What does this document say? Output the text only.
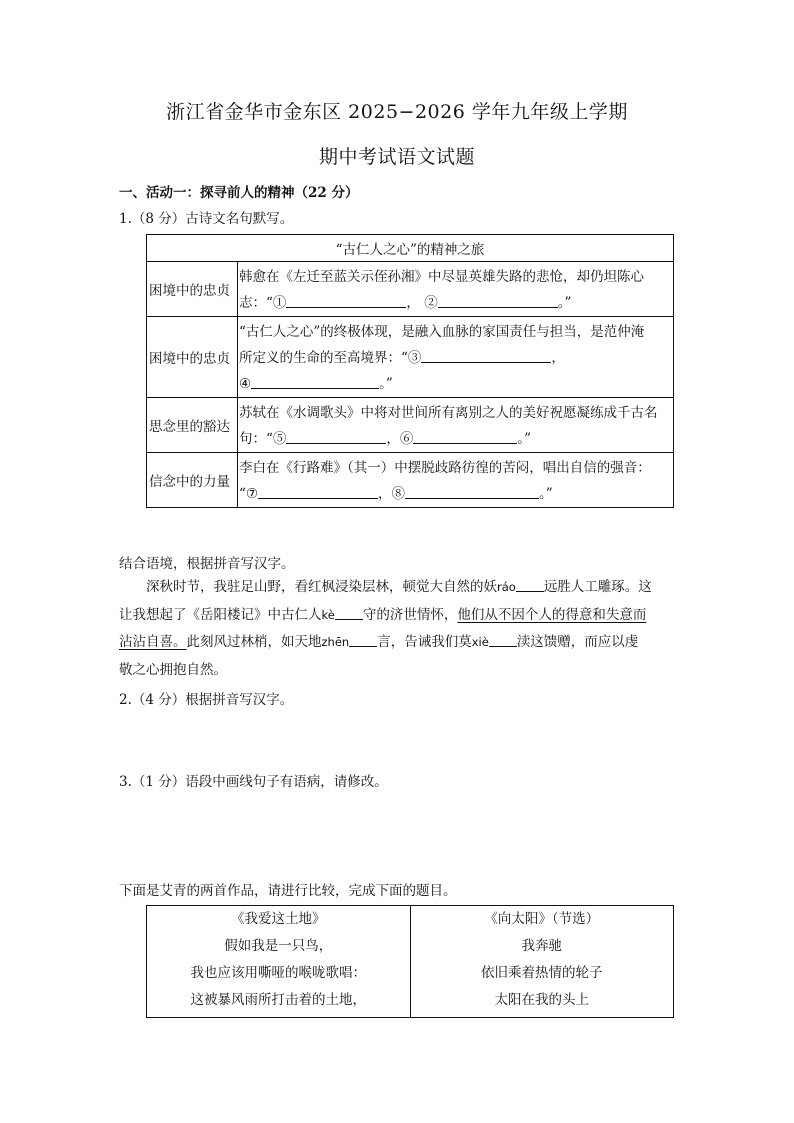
浙江省金华市金东区 2025−2026 学年九年级上学期
期中考试语文试题
一、活动一：探寻前人的精神（22 分）
1.（8 分）古诗文名句默写。
“古仁人之心”的精神之旅	
困境中的忠贞	韩愈在《左迁至蓝关示侄孙湘》中尽显英雄失路的悲怆，却仍坦陈心
志：“① ， ② 。”

困境中的忠贞	“古仁人之心”的终极体现，是融入血脉的家国责任与担当，是范仲淹
所定义的生命的至高境界：“③ ，
④ 。”

思念里的豁达	苏轼在《水调歌头》中将对世间所有离别之人的美好祝愿凝练成千古名
句：“⑤ ，⑥ 。”

信念中的力量	李白在《行路难》（其一）中摆脱歧路彷徨的苦闷，唱出自信的强音：
“⑦ ，⑧ 。”
结合语境，根据拼音写汉字。
深秋时节，我驻足山野，看红枫浸染层林，顿觉大自然的妖ráo 远胜人工雕琢。这
让我想起了《岳阳楼记》中古仁人kè 守的济世情怀，他们从不因个人的得意和失意而
沾沾自喜。此刻风过林梢，如天地zhēn 言，告诫我们莫xiè 渎这馈赠，而应以虔
敬之心拥抱自然。
2.（4 分）根据拼音写汉字。
3.（1 分）语段中画线句子有语病，请修改。
下面是艾青的两首作品，请进行比较，完成下面的题目。
《我爱这土地》
假如我是一只鸟，
我也应该用嘶哑的喉咙歌唱：
这被暴风雨所打击着的土地，

《向太阳》（节选）
我奔驰
依旧乘着热情的轮子
太阳在我的头上
